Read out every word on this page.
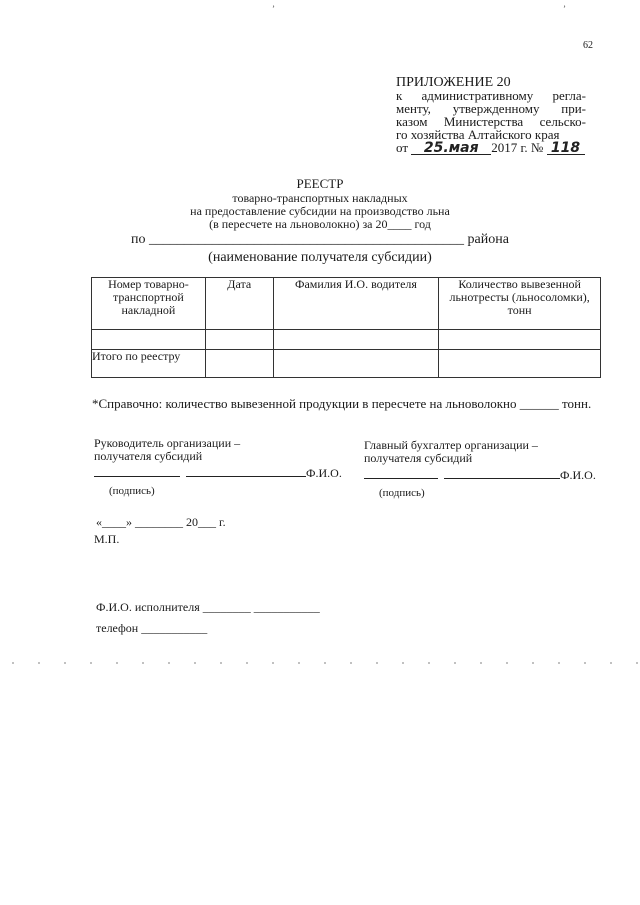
ʼ	ʼ
62
ПРИЛОЖЕНИЕ 20
к административному регла-
менту, утвержденному при-
казом Министерства сельско-
го хозяйства Алтайского края
от 25.мая 2017 г. № 118
РЕЕСТР
товарно-транспортных накладных
на предоставление субсидии на производство льна
(в пересчете на льноволокно) за 20____ год
по _____________________________________________ района
(наименование получателя субсидии)
Номер товарно-транспортной накладной	Дата	Фамилия И.О. водителя	Количество вывезенной льнотресты (льносоломки), тонн

Итого по реестру			
*Справочно: количество вывезенной продукции в пересчете на льноволокно ______ тонн.
Руководитель организации –
получателя субсидий
Ф.И.О.
(подпись)
Главный бухгалтер организации –
получателя субсидий
Ф.И.О.
(подпись)
«____» ________ 20___ г.
М.П.
Ф.И.О. исполнителя ________ ___________
телефон ___________
